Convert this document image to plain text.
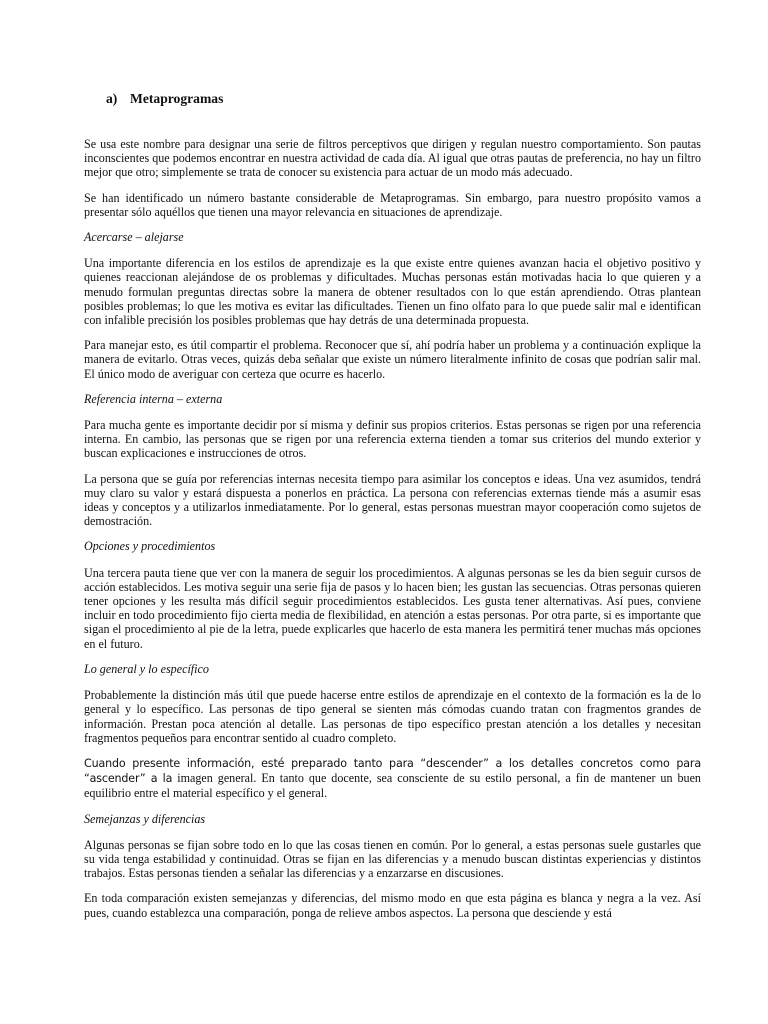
a) Metaprogramas

Se usa este nombre para designar una serie de filtros perceptivos que dirigen y regulan nuestro comportamiento. Son pautas inconscientes que podemos encontrar en nuestra actividad de cada día. Al igual que otras pautas de preferencia, no hay un filtro mejor que otro; simplemente se trata de conocer su existencia para actuar de un modo más adecuado.

Se han identificado un número bastante considerable de Metaprogramas. Sin embargo, para nuestro propósito vamos a presentar sólo aquéllos que tienen una mayor relevancia en situaciones de aprendizaje.

Acercarse – alejarse

Una importante diferencia en los estilos de aprendizaje es la que existe entre quienes avanzan hacia el objetivo positivo y quienes reaccionan alejándose de os problemas y dificultades. Muchas personas están motivadas hacia lo que quieren y a menudo formulan preguntas directas sobre la manera de obtener resultados con lo que están aprendiendo. Otras plantean posibles problemas; lo que les motiva es evitar las dificultades. Tienen un fino olfato para lo que puede salir mal e identifican con infalible precisión los posibles problemas que hay detrás de una determinada propuesta.

Para manejar esto, es útil compartir el problema. Reconocer que sí, ahí podría haber un problema y a continuación explique la manera de evitarlo. Otras veces, quizás deba señalar que existe un número literalmente infinito de cosas que podrían salir mal. El único modo de averiguar con certeza que ocurre es hacerlo.

Referencia interna – externa

Para mucha gente es importante decidir por sí misma y definir sus propios criterios. Estas personas se rigen por una referencia interna. En cambio, las personas que se rigen por una referencia externa tienden a tomar sus criterios del mundo exterior y buscan explicaciones e instrucciones de otros.

La persona que se guía por referencias internas necesita tiempo para asimilar los conceptos e ideas. Una vez asumidos, tendrá muy claro su valor y estará dispuesta a ponerlos en práctica. La persona con referencias externas tiende más a asumir esas ideas y conceptos y a utilizarlos inmediatamente. Por lo general, estas personas muestran mayor cooperación como sujetos de demostración.

Opciones y procedimientos

Una tercera pauta tiene que ver con la manera de seguir los procedimientos. A algunas personas se les da bien seguir cursos de acción establecidos. Les motiva seguir una serie fija de pasos y lo hacen bien; les gustan las secuencias. Otras personas quieren tener opciones y les resulta más difícil seguir procedimientos establecidos. Les gusta tener alternativas. Así pues, conviene incluir en todo procedimiento fijo cierta media de flexibilidad, en atención a estas personas. Por otra parte, si es importante que sigan el procedimiento al pie de la letra, puede explicarles que hacerlo de esta manera les permitirá tener muchas más opciones en el futuro.

Lo general y lo específico

Probablemente la distinción más útil que puede hacerse entre estilos de aprendizaje en el contexto de la formación es la de lo general y lo específico. Las personas de tipo general se sienten más cómodas cuando tratan con fragmentos grandes de información. Prestan poca atención al detalle. Las personas de tipo específico prestan atención a los detalles y necesitan fragmentos pequeños para encontrar sentido al cuadro completo.

Cuando presente información, esté preparado tanto para “descender” a los detalles concretos como para “ascender” a la imagen general. En tanto que docente, sea consciente de su estilo personal, a fin de mantener un buen equilibrio entre el material específico y el general.

Semejanzas y diferencias

Algunas personas se fijan sobre todo en lo que las cosas tienen en común. Por lo general, a estas personas suele gustarles que su vida tenga estabilidad y continuidad. Otras se fijan en las diferencias y a menudo buscan distintas experiencias y distintos trabajos. Estas personas tienden a señalar las diferencias y a enzarzarse en discusiones.

En toda comparación existen semejanzas y diferencias, del mismo modo en que esta página es blanca y negra a la vez. Así pues, cuando establezca una comparación, ponga de relieve ambos aspectos. La persona que desciende y está
